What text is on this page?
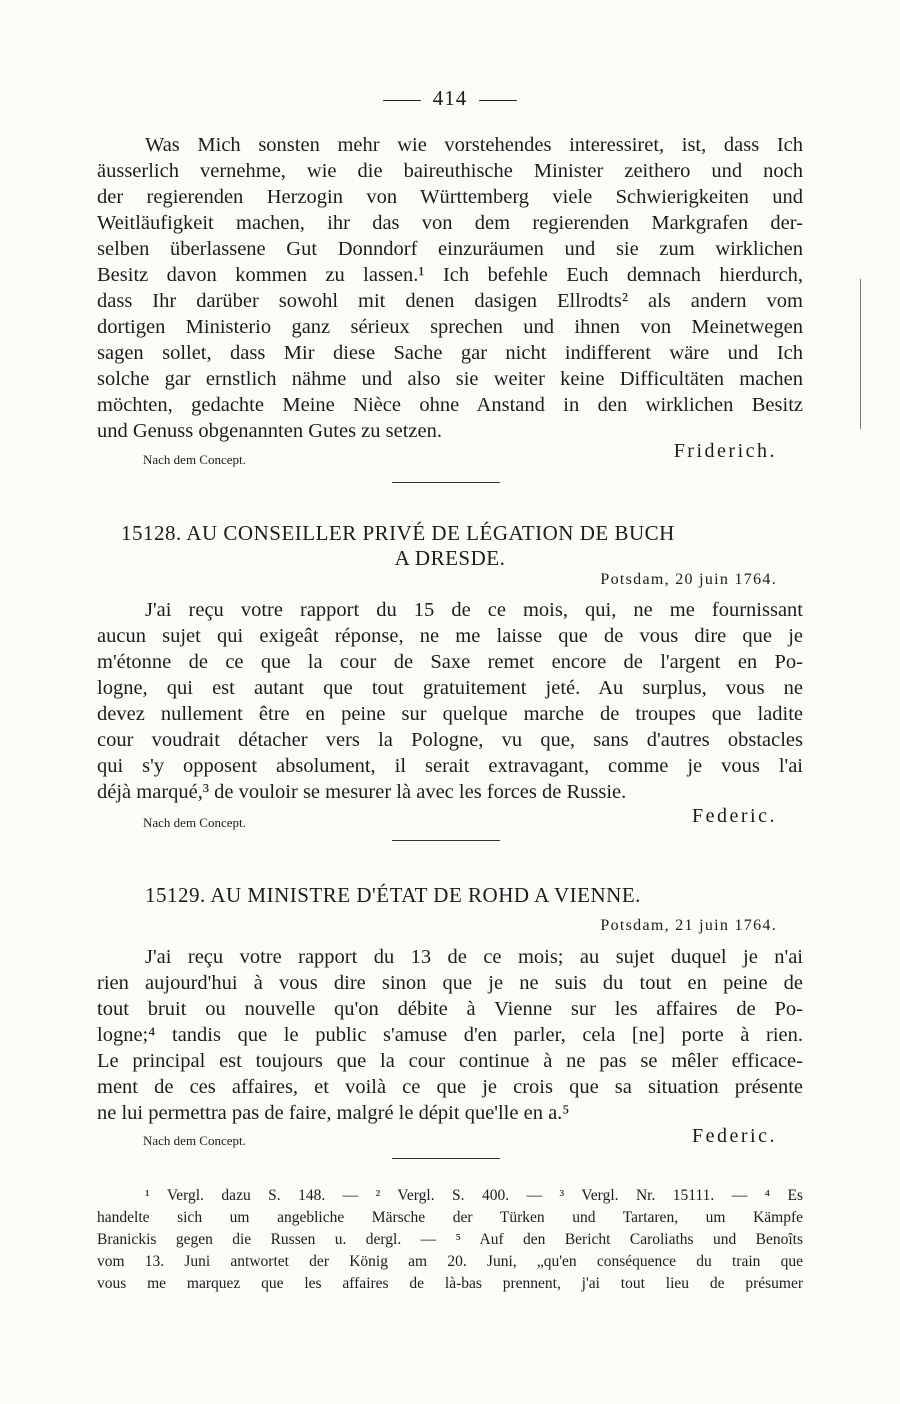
414
Was Mich sonsten mehr wie vorstehendes interessiret, ist, dass Ich
äusserlich vernehme, wie die baireuthische Minister zeithero und noch
der regierenden Herzogin von Württemberg viele Schwierigkeiten und
Weitläufigkeit machen, ihr das von dem regierenden Markgrafen der-
selben überlassene Gut Donndorf einzuräumen und sie zum wirklichen
Besitz davon kommen zu lassen.¹ Ich befehle Euch demnach hierdurch,
dass Ihr darüber sowohl mit denen dasigen Ellrodts² als andern vom
dortigen Ministerio ganz sérieux sprechen und ihnen von Meinetwegen
sagen sollet, dass Mir diese Sache gar nicht indifferent wäre und Ich
solche gar ernstlich nähme und also sie weiter keine Difficultäten machen
möchten, gedachte Meine Nièce ohne Anstand in den wirklichen Besitz
und Genuss obgenannten Gutes zu setzen.
Nach dem Concept.	Friderich.
15128. AU CONSEILLER PRIVÉ DE LÉGATION DE BUCH
A DRESDE.
Potsdam, 20 juin 1764.
J'ai reçu votre rapport du 15 de ce mois, qui, ne me fournissant
aucun sujet qui exigeât réponse, ne me laisse que de vous dire que je
m'étonne de ce que la cour de Saxe remet encore de l'argent en Po-
logne, qui est autant que tout gratuitement jeté. Au surplus, vous ne
devez nullement être en peine sur quelque marche de troupes que ladite
cour voudrait détacher vers la Pologne, vu que, sans d'autres obstacles
qui s'y opposent absolument, il serait extravagant, comme je vous l'ai
déjà marqué,³ de vouloir se mesurer là avec les forces de Russie.
Nach dem Concept.	Federic.
15129. AU MINISTRE D'ÉTAT DE ROHD A VIENNE.
Potsdam, 21 juin 1764.
J'ai reçu votre rapport du 13 de ce mois; au sujet duquel je n'ai
rien aujourd'hui à vous dire sinon que je ne suis du tout en peine de
tout bruit ou nouvelle qu'on débite à Vienne sur les affaires de Po-
logne;⁴ tandis que le public s'amuse d'en parler, cela [ne] porte à rien.
Le principal est toujours que la cour continue à ne pas se mêler efficace-
ment de ces affaires, et voilà ce que je crois que sa situation présente
ne lui permettra pas de faire, malgré le dépit que'lle en a.⁵
Nach dem Concept.	Federic.
¹ Vergl. dazu S. 148. — ² Vergl. S. 400. — ³ Vergl. Nr. 15111. — ⁴ Es
handelte sich um angebliche Märsche der Türken und Tartaren, um Kämpfe
Branickis gegen die Russen u. dergl. — ⁵ Auf den Bericht Caroliaths und Benoîts
vom 13. Juni antwortet der König am 20. Juni, „qu'en conséquence du train que
vous me marquez que les affaires de là-bas prennent, j'ai tout lieu de présumer
